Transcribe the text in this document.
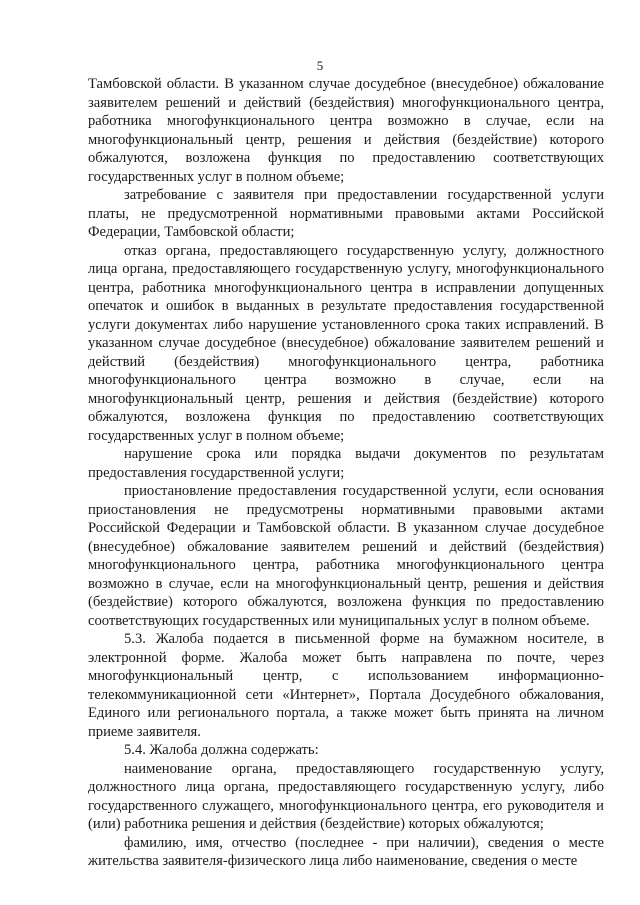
5

Тамбовской области. В указанном случае досудебное (внесудебное) обжалование заявителем решений и действий (бездействия) многофункционального центра, работника многофункционального центра возможно в случае, если на многофункциональный центр, решения и действия (бездействие) которого обжалуются, возложена функция по предоставлению соответствующих государственных услуг в полном объеме;

затребование с заявителя при предоставлении государственной услуги платы, не предусмотренной нормативными правовыми актами Российской Федерации, Тамбовской области;

отказ органа, предоставляющего государственную услугу, должностного лица органа, предоставляющего государственную услугу, многофункционального центра, работника многофункционального центра в исправлении допущенных опечаток и ошибок в выданных в результате предоставления государственной услуги документах либо нарушение установленного срока таких исправлений. В указанном случае досудебное (внесудебное) обжалование заявителем решений и действий (бездействия) многофункционального центра, работника многофункционального центра возможно в случае, если на многофункциональный центр, решения и действия (бездействие) которого обжалуются, возложена функция по предоставлению соответствующих государственных услуг в полном объеме;

нарушение срока или порядка выдачи документов по результатам предоставления государственной услуги;

приостановление предоставления государственной услуги, если основания приостановления не предусмотрены нормативными правовыми актами Российской Федерации и Тамбовской области. В указанном случае досудебное (внесудебное) обжалование заявителем решений и действий (бездействия) многофункционального центра, работника многофункционального центра возможно в случае, если на многофункциональный центр, решения и действия (бездействие) которого обжалуются, возложена функция по предоставлению соответствующих государственных или муниципальных услуг в полном объеме.

5.3. Жалоба подается в письменной форме на бумажном носителе, в электронной форме. Жалоба может быть направлена по почте, через многофункциональный центр, с использованием информационно-телекоммуникационной сети «Интернет», Портала Досудебного обжалования, Единого или регионального портала, а также может быть принята на личном приеме заявителя.

5.4. Жалоба должна содержать:

наименование органа, предоставляющего государственную услугу, должностного лица органа, предоставляющего государственную услугу, либо государственного служащего, многофункционального центра, его руководителя и (или) работника решения и действия (бездействие) которых обжалуются;

фамилию, имя, отчество (последнее - при наличии), сведения о месте жительства заявителя-физического лица либо наименование, сведения о месте
